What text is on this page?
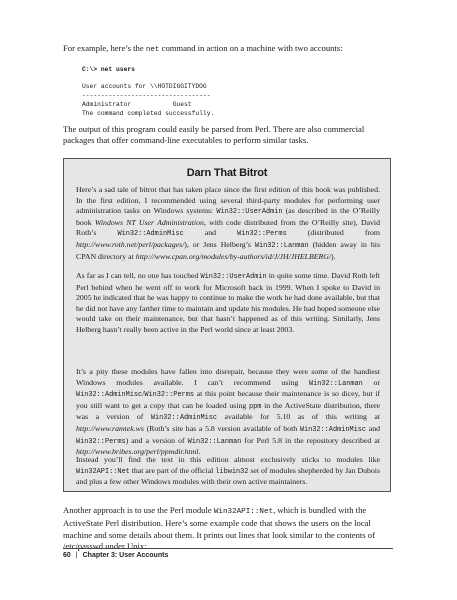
For example, here’s the net command in action on a machine with two accounts:

C:\> net users

User accounts for \\HOTDIGGITYDOG
----------------------------------
Administrator           Guest
The command completed successfully.

The output of this program could easily be parsed from Perl. There are also commercial packages that offer command-line executables to perform similar tasks.

Darn That Bitrot

Here’s a sad tale of bitrot that has taken place since the first edition of this book was published. In the first edition, I recommended using several third-party modules for performing user administration tasks on Windows systems: Win32::UserAdmin (as described in the O’Reilly book Windows NT User Administration, with code distributed from the O’Reilly site), David Roth’s Win32::AdminMisc and Win32::Perms (distributed from http://www.roth.net/perl/packages/), or Jens Helberg’s Win32::Lanman (hidden away in his CPAN directory at http://www.cpan.org/modules/by-authors/id/J/JH/JHELBERG/).

As far as I can tell, no one has touched Win32::UserAdmin in quite some time. David Roth left Perl behind when he went off to work for Microsoft back in 1999. When I spoke to David in 2005 he indicated that he was happy to continue to make the work he had done available, but that he did not have any farther time to maintain and update his modules. He had hoped someone else would take on their maintenance, but that hasn’t happened as of this writing. Similarly, Jens Helberg hasn’t really been active in the Perl world since at least 2003.

It’s a pity these modules have fallen into disrepair, because they were some of the handiest Windows modules available. I can’t recommend using Win32::Lanman or Win32::AdminMisc/Win32::Perms at this point because their maintenance is so dicey, but if you still want to get a copy that can be loaded using ppm in the ActiveState distribution, there was a version of Win32::AdminMisc available for 5.10 as of this writing at http://www.ramtek.ws (Roth’s site has a 5.8 version available of both Win32::AdminMisc and Win32::Perms) and a version of Win32::Lanman for Perl 5.8 in the repository described at http://www.bribes.org/perl/ppmdir.html.

Instead you’ll find the text in this edition almost exclusively sticks to modules like Win32API::Net that are part of the official libwin32 set of modules shepherded by Jan Dubois and plus a few other Windows modules with their own active maintainers.

Another approach is to use the Perl module Win32API::Net, which is bundled with the ActiveState Perl distribution. Here’s some example code that shows the users on the local machine and some details about them. It prints out lines that look similar to the contents of /etc/passwd under Unix:

60 | Chapter 3: User Accounts
